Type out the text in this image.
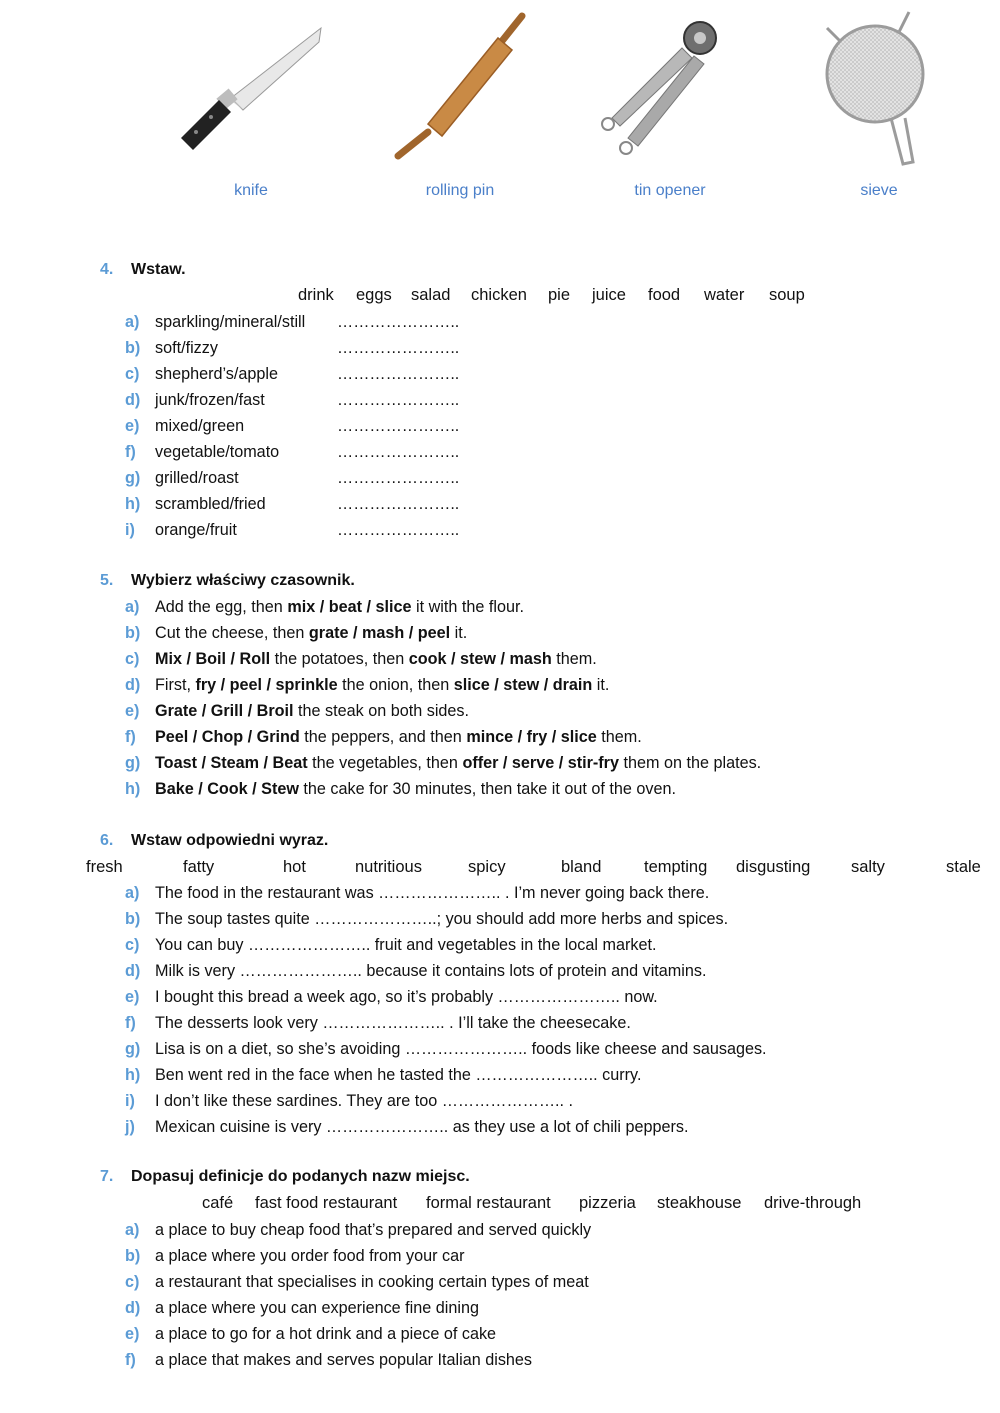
knife	rolling pin	tin opener	sieve
4. Wstaw.
drink eggs salad chicken pie juice food water soup
a) sparkling/mineral/still …………………..
b) soft/fizzy	…………………..
c) shepherd’s/apple	…………………..
d) junk/frozen/fast	…………………..
e) mixed/green	…………………..
f) vegetable/tomato	…………………..
g) grilled/roast	…………………..
h) scrambled/fried	…………………..
i) orange/fruit	…………………..
5. Wybierz właściwy czasownik.
a) Add the egg, then mix / beat / slice it with the flour.
b) Cut the cheese, then grate / mash / peel it.
c) Mix / Boil / Roll the potatoes, then cook / stew / mash them.
d) First, fry / peel / sprinkle the onion, then slice / stew / drain it.
e) Grate / Grill / Broil the steak on both sides.
f) Peel / Chop / Grind the peppers, and then mince / fry / slice them.
g) Toast / Steam / Beat the vegetables, then offer / serve / stir-fry them on the plates.
h) Bake / Cook / Stew the cake for 30 minutes, then take it out of the oven.
6. Wstaw odpowiedni wyraz.
fresh	fatty	hot	nutritious	spicy	bland	tempting disgusting salty	stale
a) The food in the restaurant was ………………….. . I’m never going back there.
b) The soup tastes quite …………………..; you should add more herbs and spices.
c) You can buy ………………….. fruit and vegetables in the local market.
d) Milk is very ………………….. because it contains lots of protein and vitamins.
e) I bought this bread a week ago, so it’s probably ………………….. now.
f) The desserts look very ………………….. . I’ll take the cheesecake.
g) Lisa is on a diet, so she’s avoiding ………………….. foods like cheese and sausages.
h) Ben went red in the face when he tasted the ………………….. curry.
i) I don’t like these sardines. They are too ………………….. .
j) Mexican cuisine is very ………………….. as they use a lot of chili peppers.
7. Dopasuj definicje do podanych nazw miejsc.
café fast food restaurant formal restaurant pizzeria steakhouse drive-through
a) a place to buy cheap food that’s prepared and served quickly
b) a place where you order food from your car
c) a restaurant that specialises in cooking certain types of meat
d) a place where you can experience fine dining
e) a place to go for a hot drink and a piece of cake
f) a place that makes and serves popular Italian dishes
